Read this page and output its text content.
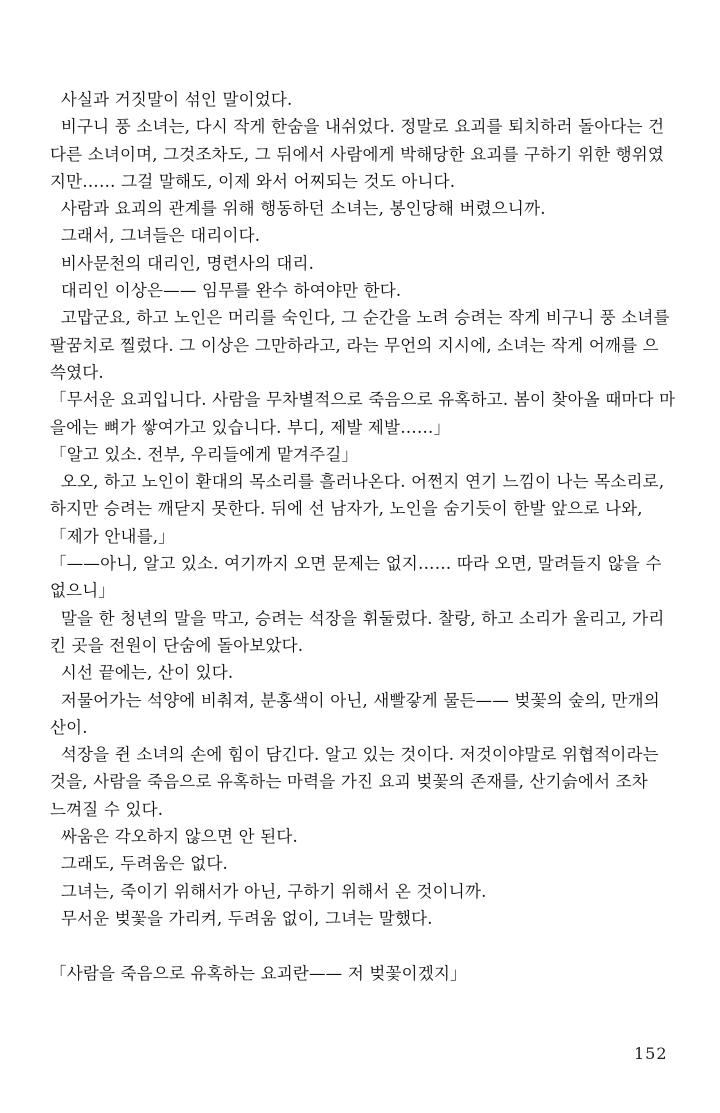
사실과 거짓말이 섞인 말이었다.
비구니 풍 소녀는, 다시 작게 한숨을 내쉬었다. 정말로 요괴를 퇴치하러 돌아다는 건
다른 소녀이며, 그것조차도, 그 뒤에서 사람에게 박해당한 요괴를 구하기 위한 행위였
지만…… 그걸 말해도, 이제 와서 어찌되는 것도 아니다.
사람과 요괴의 관계를 위해 행동하던 소녀는, 봉인당해 버렸으니까.
그래서, 그녀들은 대리이다.
비사문천의 대리인, 명련사의 대리.
대리인 이상은—— 임무를 완수 하여야만 한다.
고맙군요, 하고 노인은 머리를 숙인다, 그 순간을 노려 승려는 작게 비구니 풍 소녀를
팔꿈치로 찔렀다. 그 이상은 그만하라고, 라는 무언의 지시에, 소녀는 작게 어깨를 으
쓱였다.
「무서운 요괴입니다. 사람을 무차별적으로 죽음으로 유혹하고. 봄이 찾아올 때마다 마
을에는 뼈가 쌓여가고 있습니다. 부디, 제발 제발……」
「알고 있소. 전부, 우리들에게 맡겨주길」
오오, 하고 노인이 환대의 목소리를 흘러나온다. 어쩐지 연기 느낌이 나는 목소리로,
하지만 승려는 깨닫지 못한다. 뒤에 선 남자가, 노인을 숨기듯이 한발 앞으로 나와,
「제가 안내를,」
「——아니, 알고 있소. 여기까지 오면 문제는 없지…… 따라 오면, 말려들지 않을 수
없으니」
말을 한 청년의 말을 막고, 승려는 석장을 휘둘렀다. 찰랑, 하고 소리가 울리고, 가리
킨 곳을 전원이 단숨에 돌아보았다.
시선 끝에는, 산이 있다.
저물어가는 석양에 비춰져, 분홍색이 아닌, 새빨갛게 물든—— 벚꽃의 숲의, 만개의
산이.
석장을 쥔 소녀의 손에 힘이 담긴다. 알고 있는 것이다. 저것이야말로 위협적이라는
것을, 사람을 죽음으로 유혹하는 마력을 가진 요괴 벚꽃의 존재를, 산기슭에서 조차
느껴질 수 있다.
싸움은 각오하지 않으면 안 된다.
그래도, 두려움은 없다.
그녀는, 죽이기 위해서가 아닌, 구하기 위해서 온 것이니까.
무서운 벚꽃을 가리켜, 두려움 없이, 그녀는 말했다.
「사람을 죽음으로 유혹하는 요괴란—— 저 벚꽃이겠지」
152
